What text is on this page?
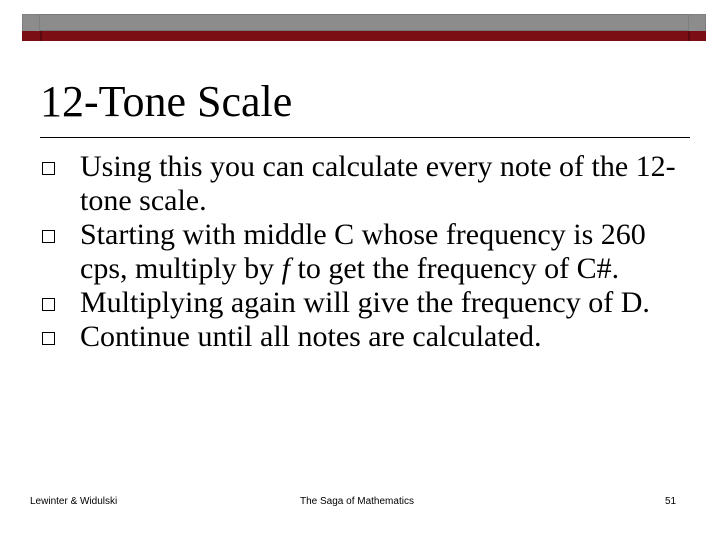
12-Tone Scale
Using this you can calculate every note of the 12-tone scale.
Starting with middle C whose frequency is 260 cps, multiply by f to get the frequency of C#.
Multiplying again will give the frequency of D.
Continue until all notes are calculated.
Lewinter & Widulski	The Saga of Mathematics	51
